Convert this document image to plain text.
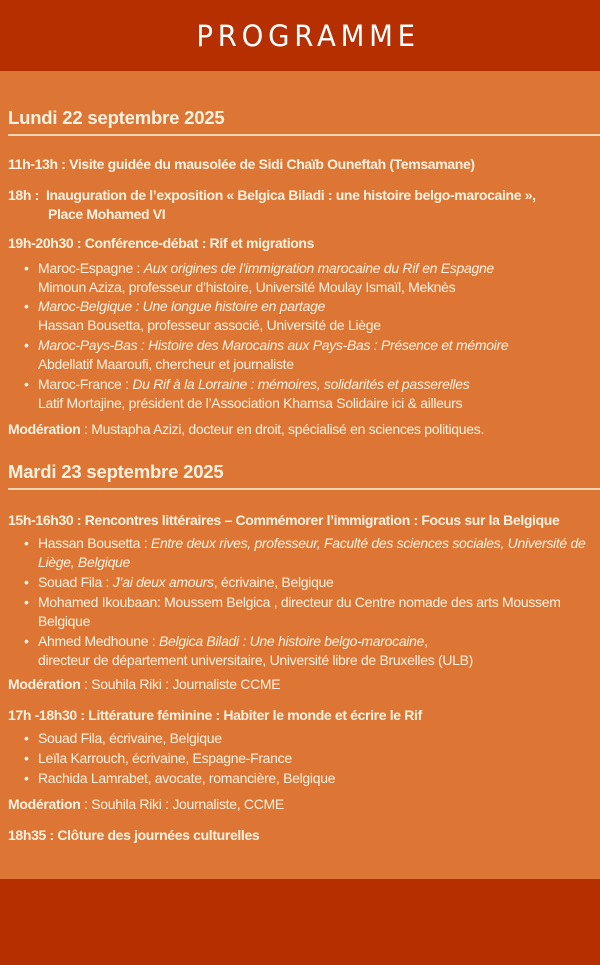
PROGRAMME
Lundi 22 septembre 2025
11h-13h : Visite guidée du mausolée de Sidi Chaïb Ouneftah (Temsamane)
18h :  Inauguration de l’exposition « Belgica Biladi : une histoire belgo-marocaine »,
Place Mohamed VI
19h-20h30 : Conférence-débat : Rif et migrations
• Maroc-Espagne : Aux origines de l’immigration marocaine du Rif en Espagne
Mimoun Aziza, professeur d’histoire, Université Moulay Ismaïl, Meknès
• Maroc-Belgique : Une longue histoire en partage
Hassan Bousetta, professeur associé, Université de Liège
• Maroc-Pays-Bas : Histoire des Marocains aux Pays-Bas : Présence et mémoire
Abdellatif Maaroufi, chercheur et journaliste
• Maroc-France : Du Rif à la Lorraine : mémoires, solidarités et passerelles
Latif Mortajine, président de l’Association Khamsa Solidaire ici & ailleurs
Modération : Mustapha Azizi, docteur en droit, spécialisé en sciences politiques.
Mardi 23 septembre 2025
15h-16h30 : Rencontres littéraires – Commémorer l’immigration : Focus sur la Belgique
• Hassan Bousetta : Entre deux rives, professeur, Faculté des sciences sociales, Université de
Liège, Belgique
• Souad Fila : J’ai deux amours, écrivaine, Belgique
• Mohamed Ikoubaan: Moussem Belgica , directeur du Centre nomade des arts Moussem
Belgique
• Ahmed Medhoune : Belgica Biladi : Une histoire belgo-marocaine,
directeur de département universitaire, Université libre de Bruxelles (ULB)
Modération : Souhila Riki : Journaliste CCME
17h -18h30 : Littérature féminine : Habiter le monde et écrire le Rif
• Souad Fila, écrivaine, Belgique
• Leïla Karrouch, écrivaine, Espagne-France
• Rachida Lamrabet, avocate, romancière, Belgique
Modération : Souhila Riki : Journaliste, CCME
18h35 : Clôture des journées culturelles
